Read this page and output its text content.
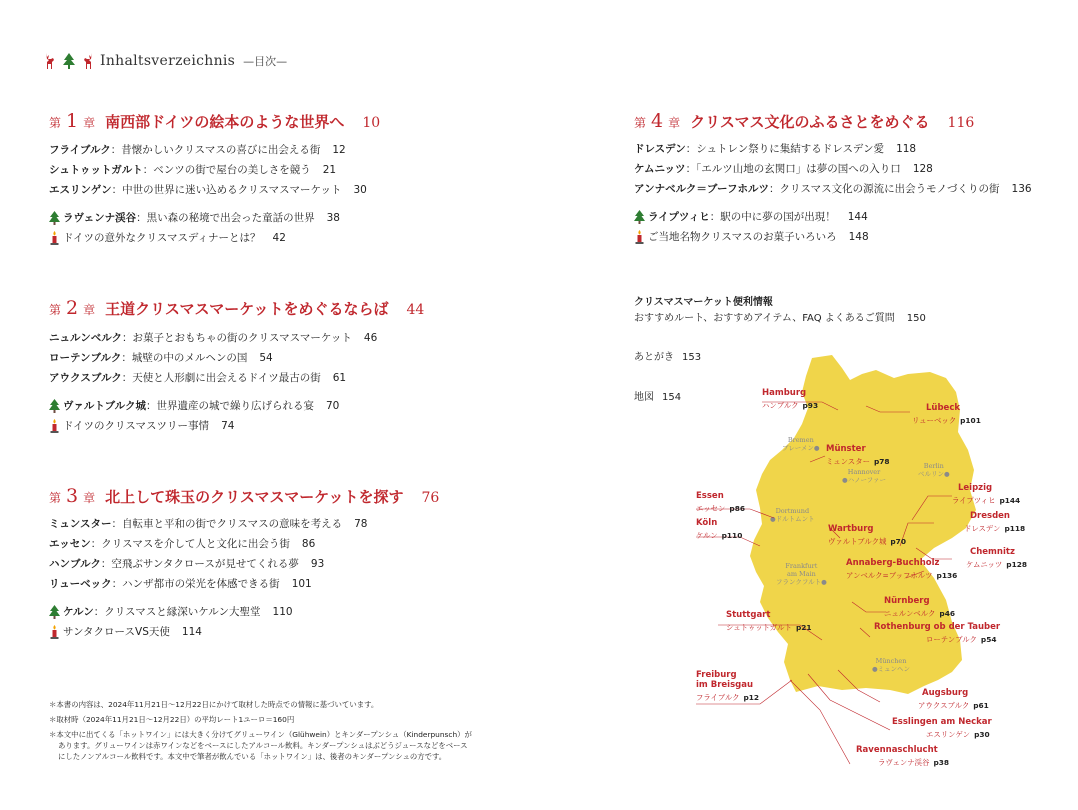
Inhaltsverzeichnis —目次—
第 1 章 南西部ドイツの絵本のような世界へ 10
フライブルク ：昔懐かしいクリスマスの喜びに出会える街 12
シュトゥットガルト ：ベンツの街で屋台の美しさを競う 21
エスリンゲン ：中世の世界に迷い込めるクリスマスマーケット 30
ラヴェンナ渓谷 ：黒い森の秘境で出会った童話の世界 38
ドイツの意外なクリスマスディナーとは？ 42
第 2 章 王道クリスマスマーケットをめぐるならば 44
ニュルンベルク ：お菓子とおもちゃの街のクリスマスマーケット 46
ローテンブルク ：城壁の中のメルヘンの国 54
アウクスブルク ：天使と人形劇に出会えるドイツ最古の街 61
ヴァルトブルク城 ：世界遺産の城で繰り広げられる宴 70
ドイツのクリスマスツリー事情 74
第 3 章 北上して珠玉のクリスマスマーケットを探す 76
ミュンスター ：自転車と平和の街でクリスマスの意味を考える 78
エッセン ：クリスマスを介して人と文化に出会う街 86
ハンブルク ：空飛ぶサンタクロースが見せてくれる夢 93
リューベック ：ハンザ都市の栄光を体感できる街 101
ケルン ：クリスマスと縁深いケルン大聖堂 110
サンタクロースVS天使 114
＊本書の内容は、2024年11月21日～12月22日にかけて取材した時点での情報に基づいています。
＊取材時（2024年11月21日～12月22日）の平均レート1ユーロ＝160円
＊本文中に出てくる「ホットワイン」には大きく分けてグリューワイン（Glühwein）とキンダープンシュ（Kinderpunsch）が
あります。グリューワインは赤ワインなどをベースにしたアルコール飲料。キンダープンシュはぶどうジュースなどをベース
にしたノンアルコール飲料です。本文中で筆者が飲んでいる「ホットワイン」は、後者のキンダープンシュの方です。
第 4 章 クリスマス文化のふるさとをめぐる 116
ドレスデン ：シュトレン祭りに集結するドレスデン愛 118
ケムニッツ ：「エルツ山地の玄関口」は夢の国への入り口 128
アンナベルク＝ブーフホルツ ：クリスマス文化の源流に出会うモノづくりの街 136
ライプツィヒ ：駅の中に夢の国が出現！ 144
ご当地名物クリスマスのお菓子いろいろ 148
クリスマスマーケット便利情報
おすすめルート、おすすめアイテム、FAQ よくあるご質問 150
あとがき 153
地図 154
Bremen
ブレーメン●
Hannover
●ハノーファー
Berlin
ベルリン●
Dortmund
●ドルトムント
Frankfurt
am Main
フランクフルト●
München
●ミュンヘン
Hamburg
ハンブルク p93	Lübeck
リューベック p101
Münster
ミュンスター p78
Essen
エッセン p86
Leipzig
ライプツィヒ p144
Köln
ケルン p110
Dresden
ドレスデン p118
Wartburg
ヴァルトブルク城 p70
Chemnitz
ケムニッツ p128
Annaberg-Buchholz
アンベルク=ブッフホルツ p136
Nürnberg
ニュルンベルク p46
Stuttgart
シュトゥットガルト p21	Rothenburg ob der Tauber
ローテンブルク p54
Freiburg
im Breisgau
フライブルク p12	Augsburg
アウクスブルク p61
Esslingen am Neckar
エスリンゲン p30
Ravennaschlucht
ラヴェンナ渓谷 p38
